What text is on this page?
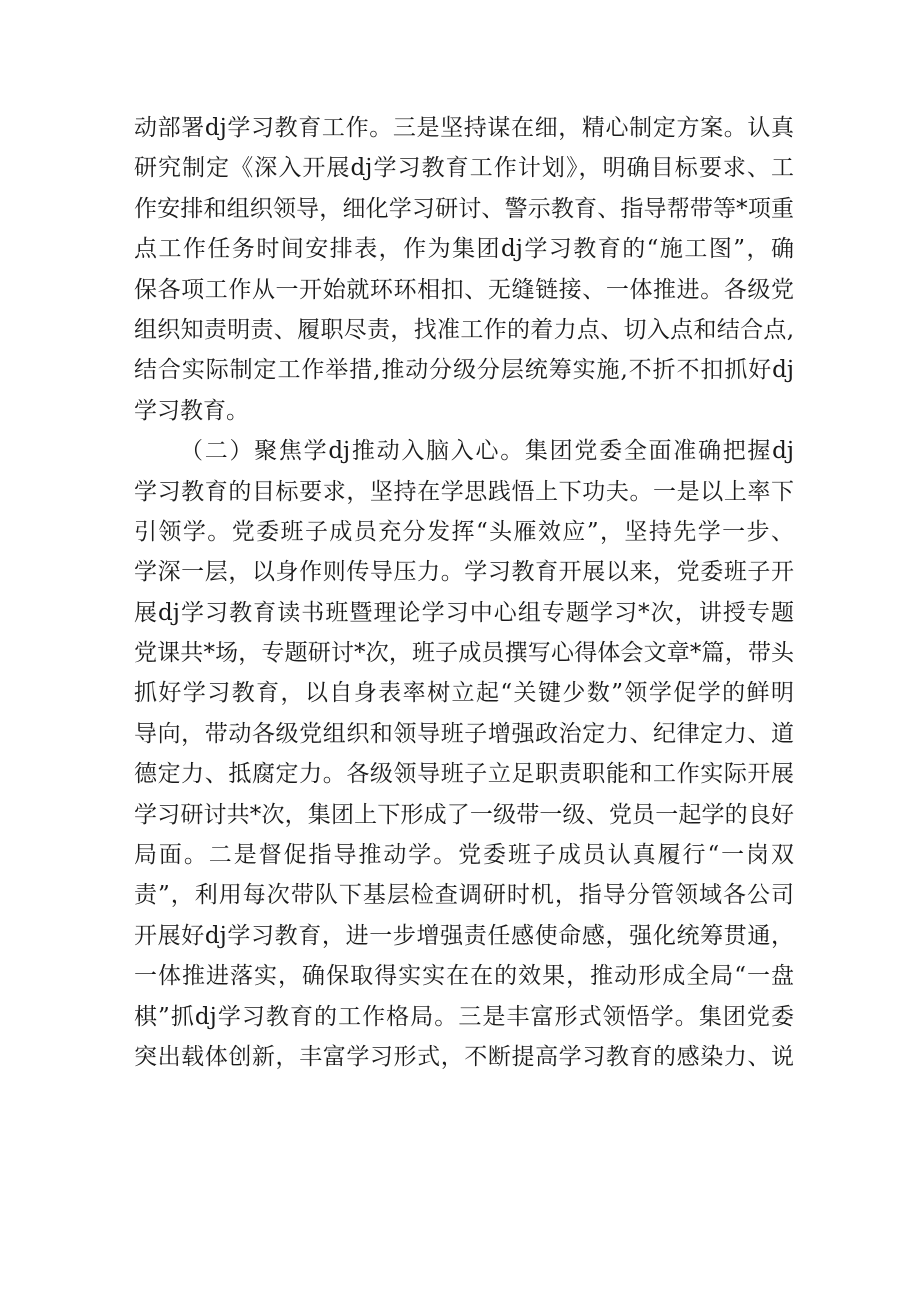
动部署dj学习教育工作。三是坚持谋在细，精心制定方案。认真
研究制定《深入开展dj学习教育工作计划》，明确目标要求、工
作安排和组织领导，细化学习研讨、警示教育、指导帮带等*项重
点工作任务时间安排表，作为集团dj学习教育的“施工图”，确
保各项工作从一开始就环环相扣、无缝链接、一体推进。各级党
组织知责明责、履职尽责，找准工作的着力点、切入点和结合点,
结合实际制定工作举措,推动分级分层统筹实施,不折不扣抓好dj
学习教育。
（二）聚焦学dj推动入脑入心。集团党委全面准确把握dj
学习教育的目标要求，坚持在学思践悟上下功夫。一是以上率下
引领学。党委班子成员充分发挥“头雁效应”，坚持先学一步、
学深一层，以身作则传导压力。学习教育开展以来，党委班子开
展dj学习教育读书班暨理论学习中心组专题学习*次，讲授专题
党课共*场，专题研讨*次，班子成员撰写心得体会文章*篇，带头
抓好学习教育，以自身表率树立起“关键少数”领学促学的鲜明
导向，带动各级党组织和领导班子增强政治定力、纪律定力、道
德定力、抵腐定力。各级领导班子立足职责职能和工作实际开展
学习研讨共*次，集团上下形成了一级带一级、党员一起学的良好
局面。二是督促指导推动学。党委班子成员认真履行“一岗双
责”，利用每次带队下基层检查调研时机，指导分管领域各公司
开展好dj学习教育，进一步增强责任感使命感，强化统筹贯通，
一体推进落实，确保取得实实在在的效果，推动形成全局“一盘
棋”抓dj学习教育的工作格局。三是丰富形式领悟学。集团党委
突出载体创新，丰富学习形式，不断提高学习教育的感染力、说
